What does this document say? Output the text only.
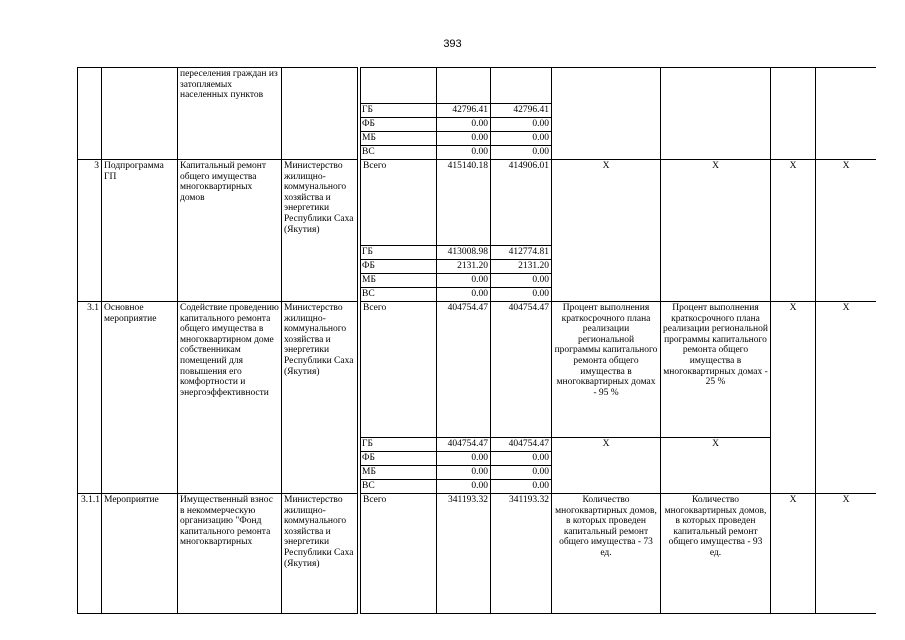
393
		переселения граждан из затопляемых населенных пунктов									
					ГБ	42796.41	42796.41				
					ФБ	0.00	0.00				
					МБ	0.00	0.00				
					ВС	0.00	0.00				
3	Подпрограмма ГП	Капитальный ремонт общего имущества многоквартирных домов	Министерство жилищно-коммунального хозяйства и энергетики Республики Саха (Якутия)		Всего	415140.18	414906.01	X	X	X	X
					ГБ	413008.98	412774.81				
					ФБ	2131.20	2131.20				
					МБ	0.00	0.00				
					ВС	0.00	0.00				
3.1	Основное мероприятие	Содействие проведению капитального ремонта общего имущества в многоквартирном доме собственникам помещений для повышения его комфортности и энергоэффективности	Министерство жилищно-коммунального хозяйства и энергетики Республики Саха (Якутия)		Всего	404754.47	404754.47	Процент выполнения краткосрочного плана реализации региональной программы капитального ремонта общего имущества в многоквартирных домах - 95 %	Процент выполнения краткосрочного плана реализации региональной программы капитального ремонта общего имущества в многоквартирных домах - 25 %	X	X
					ГБ	404754.47	404754.47	X	X		
					ФБ	0.00	0.00				
					МБ	0.00	0.00				
					ВС	0.00	0.00				
3.1.1	Мероприятие	Имущественный взнос в некоммерческую организацию "Фонд капитального ремонта многоквартирных	Министерство жилищно-коммунального хозяйства и энергетики Республики Саха (Якутия)		Всего	341193.32	341193.32	Количество многоквартирных домов, в которых проведен капитальный ремонт общего имущества - 73 ед.	Количество многоквартирных домов, в которых проведен капитальный ремонт общего имущества - 93 ед.	X	X
